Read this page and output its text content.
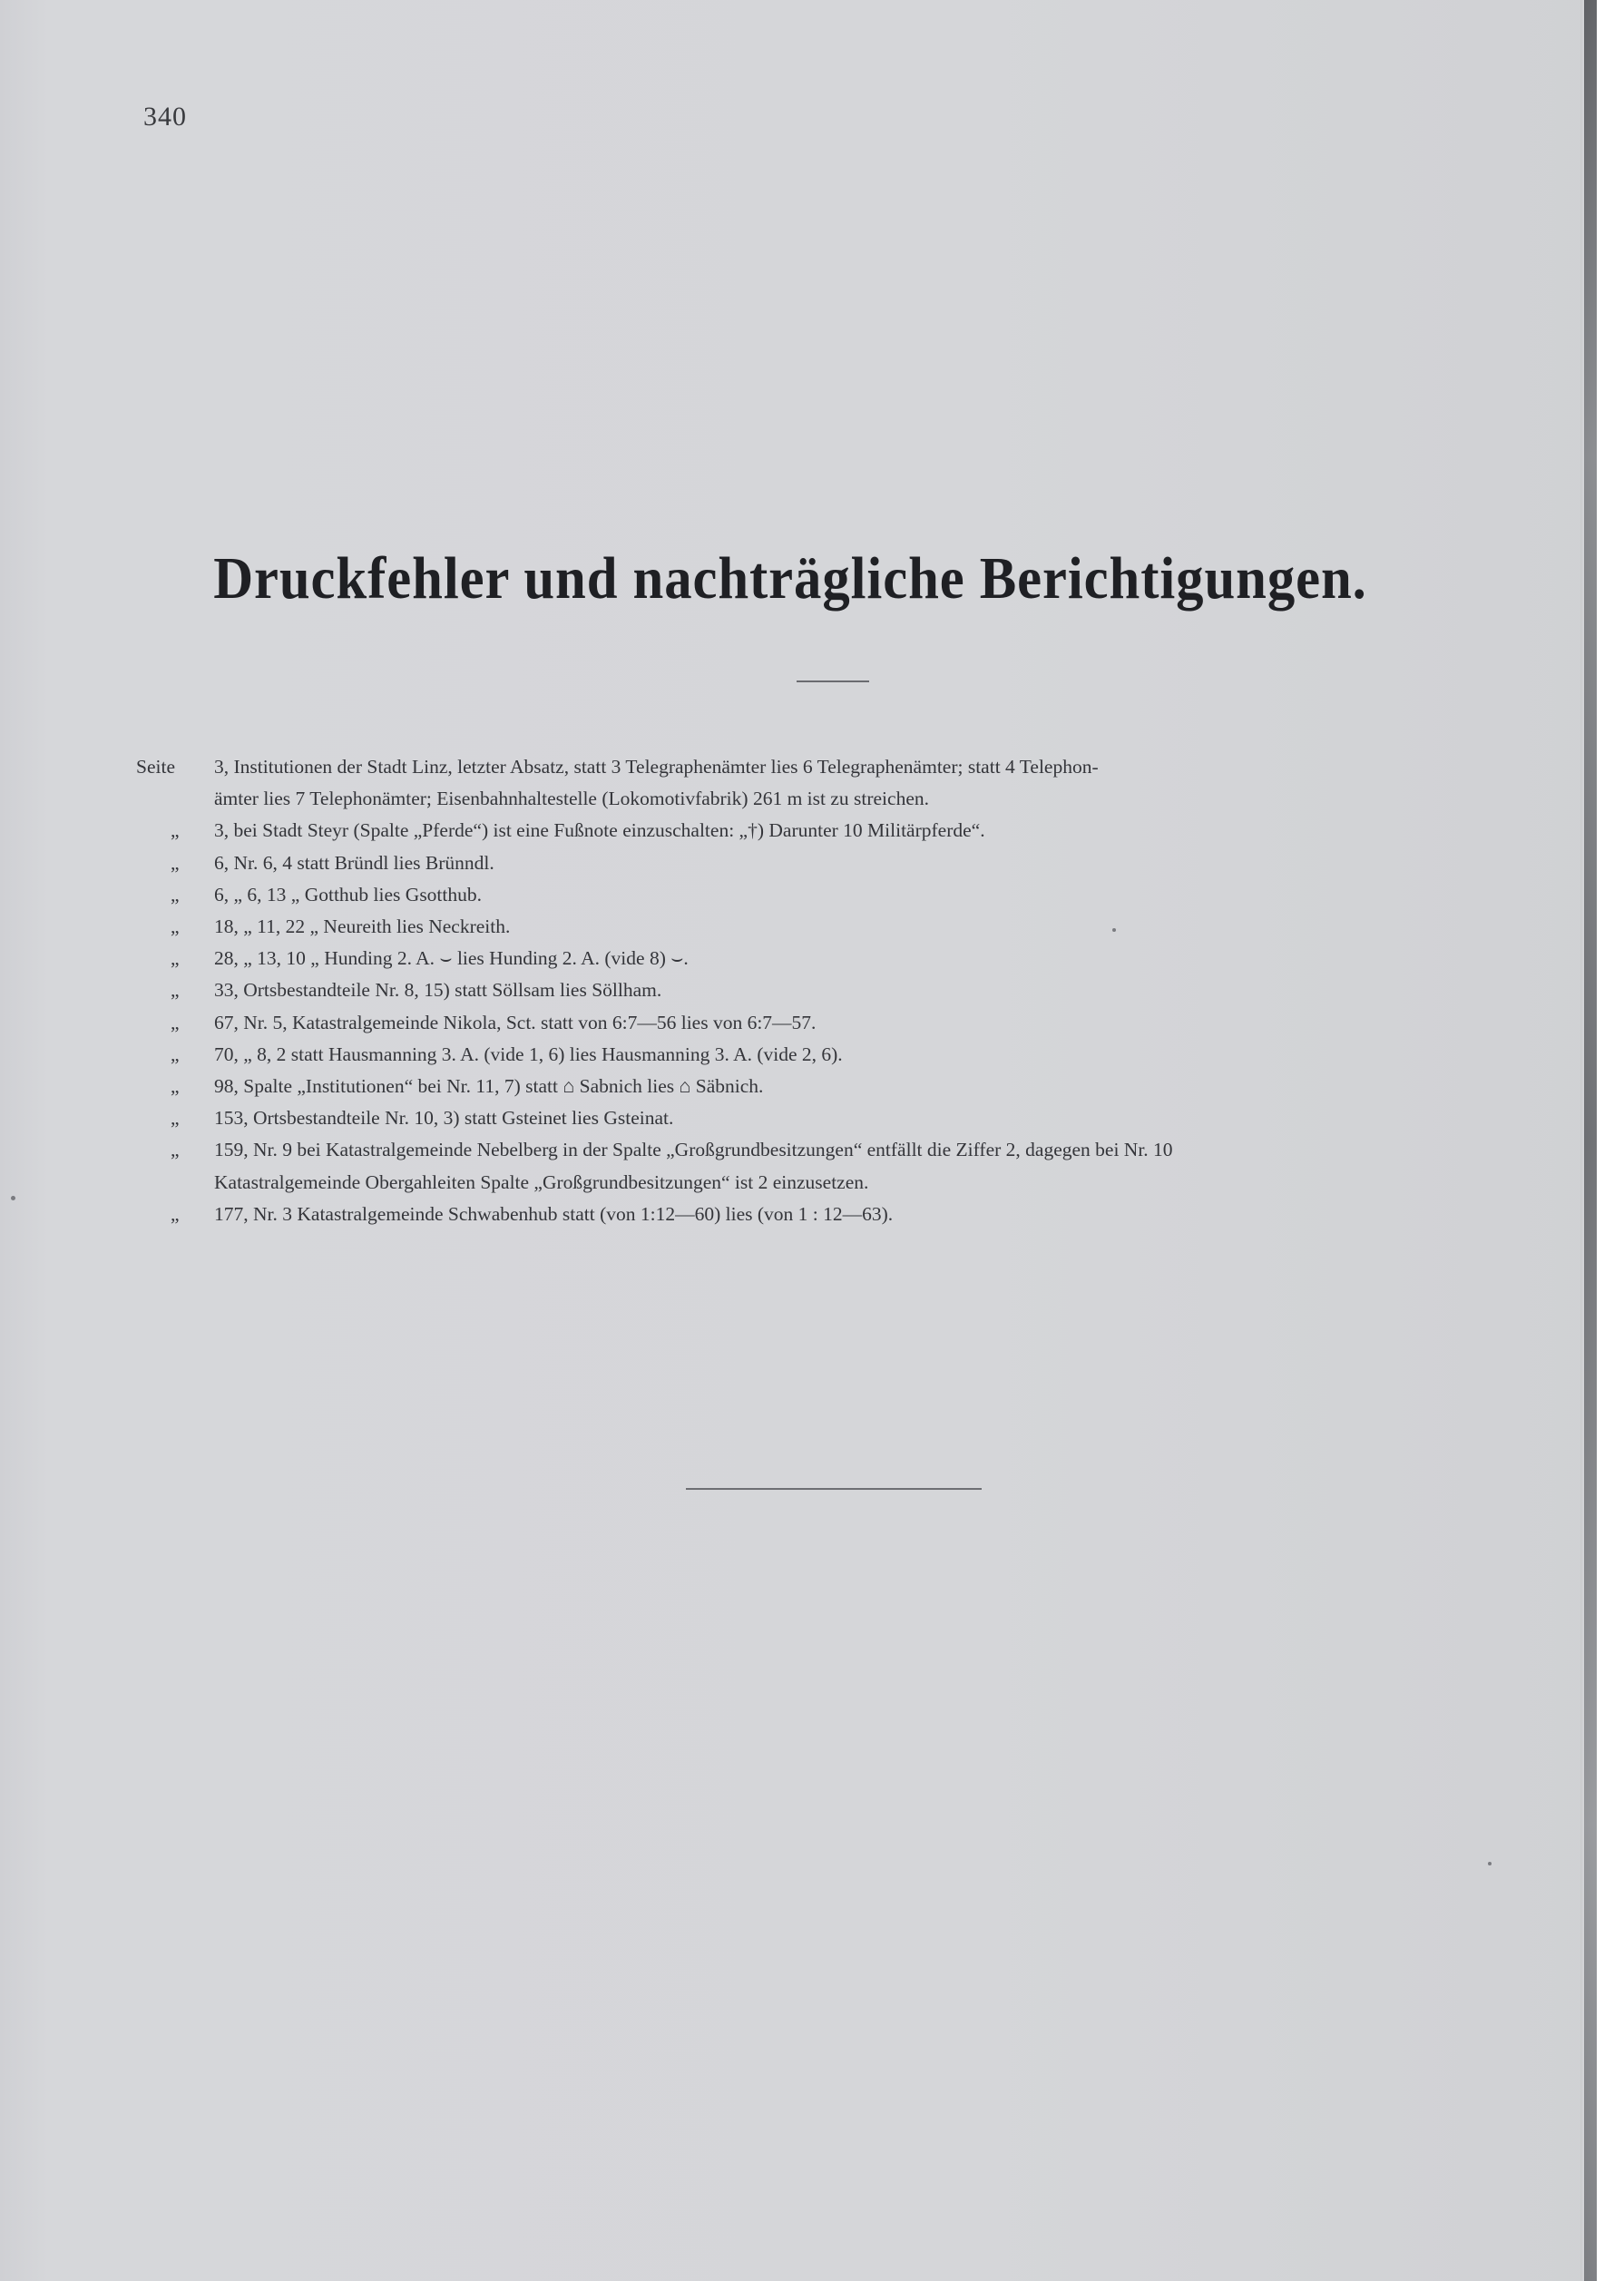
340
Druckfehler und nachträgliche Berichtigungen.
Seite	3, Institutionen der Stadt Linz, letzter Absatz, statt 3 Telegraphenämter lies 6 Telegraphenämter; statt 4 Telephon-
ämter lies 7 Telephonämter; Eisenbahnhaltestelle (Lokomotivfabrik) 261 m ist zu streichen.
„	3, bei Stadt Steyr (Spalte „Pferde“) ist eine Fußnote einzuschalten: „†) Darunter 10 Militärpferde“.
„	6, Nr. 6, 4 statt Bründl lies Brünndl.
„	6, „ 6, 13 „ Gotthub lies Gsotthub.
„	18, „ 11, 22 „ Neureith lies Neckreith.
„	28, „ 13, 10 „ Hunding 2. A. ⌣ lies Hunding 2. A. (vide 8) ⌣.
„	33, Ortsbestandteile Nr. 8, 15) statt Söllsam lies Söllham.
„	67, Nr. 5, Katastralgemeinde Nikola, Sct. statt von 6:7—56 lies von 6:7—57.
„	70, „ 8, 2 statt Hausmanning 3. A. (vide 1, 6) lies Hausmanning 3. A. (vide 2, 6).
„	98, Spalte „Institutionen“ bei Nr. 11, 7) statt ⌂ Sabnich lies ⌂ Säbnich.
„	153, Ortsbestandteile Nr. 10, 3) statt Gsteinet lies Gsteinat.
„	159, Nr. 9 bei Katastralgemeinde Nebelberg in der Spalte „Großgrundbesitzungen“ entfällt die Ziffer 2, dagegen bei Nr. 10
Katastralgemeinde Obergahleiten Spalte „Großgrundbesitzungen“ ist 2 einzusetzen.
„	177, Nr. 3 Katastralgemeinde Schwabenhub statt (von 1:12—60) lies (von 1 : 12—63).
